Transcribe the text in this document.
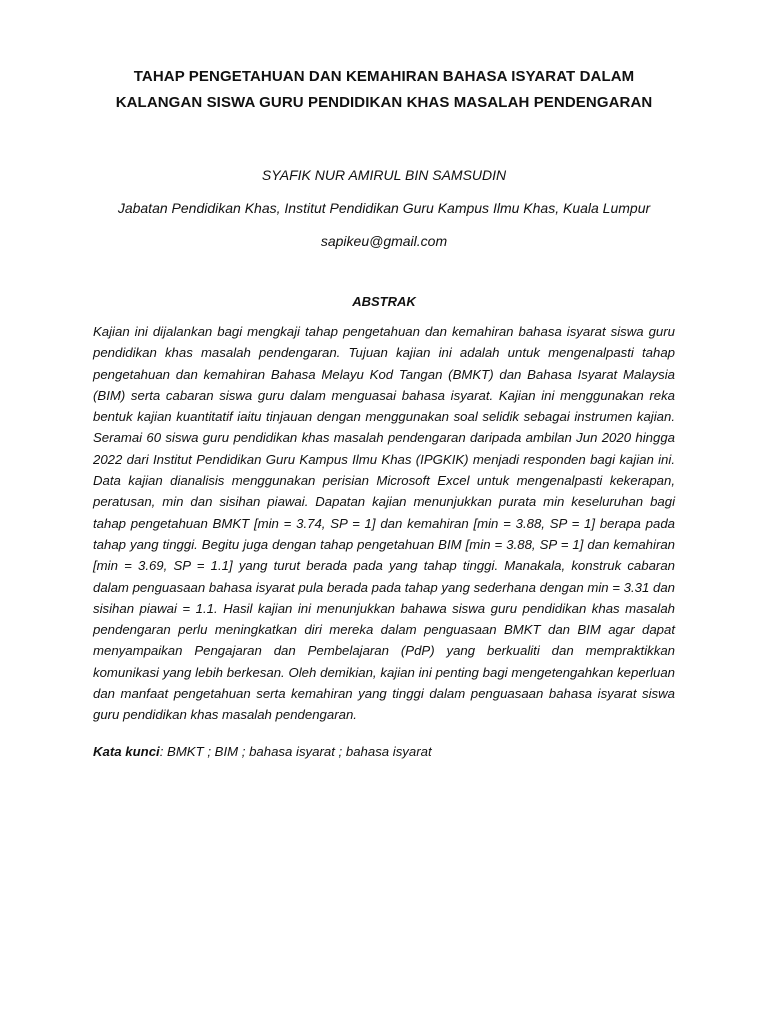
TAHAP PENGETAHUAN DAN KEMAHIRAN BAHASA ISYARAT DALAM
KALANGAN SISWA GURU PENDIDIKAN KHAS MASALAH PENDENGARAN
SYAFIK NUR AMIRUL BIN SAMSUDIN
Jabatan Pendidikan Khas, Institut Pendidikan Guru Kampus Ilmu Khas, Kuala Lumpur
sapikeu@gmail.com
ABSTRAK

Kajian ini dijalankan bagi mengkaji tahap pengetahuan dan kemahiran bahasa isyarat siswa guru pendidikan khas masalah pendengaran. Tujuan kajian ini adalah untuk mengenalpasti tahap pengetahuan dan kemahiran Bahasa Melayu Kod Tangan (BMKT) dan Bahasa Isyarat Malaysia (BIM) serta cabaran siswa guru dalam menguasai bahasa isyarat. Kajian ini menggunakan reka bentuk kajian kuantitatif iaitu tinjauan dengan menggunakan soal selidik sebagai instrumen kajian. Seramai 60 siswa guru pendidikan khas masalah pendengaran daripada ambilan Jun 2020 hingga 2022 dari Institut Pendidikan Guru Kampus Ilmu Khas (IPGKIK) menjadi responden bagi kajian ini. Data kajian dianalisis menggunakan perisian Microsoft Excel untuk mengenalpasti kekerapan, peratusan, min dan sisihan piawai. Dapatan kajian menunjukkan purata min keseluruhan bagi tahap pengetahuan BMKT [min = 3.74, SP = 1] dan kemahiran [min = 3.88, SP = 1] berapa pada tahap yang tinggi. Begitu juga dengan tahap pengetahuan BIM [min = 3.88, SP = 1] dan kemahiran [min = 3.69, SP = 1.1] yang turut berada pada yang tahap tinggi. Manakala, konstruk cabaran dalam penguasaan bahasa isyarat pula berada pada tahap yang sederhana dengan min = 3.31 dan sisihan piawai = 1.1. Hasil kajian ini menunjukkan bahawa siswa guru pendidikan khas masalah pendengaran perlu meningkatkan diri mereka dalam penguasaan BMKT dan BIM agar dapat menyampaikan Pengajaran dan Pembelajaran (PdP) yang berkualiti dan mempraktikkan komunikasi yang lebih berkesan. Oleh demikian, kajian ini penting bagi mengetengahkan keperluan dan manfaat pengetahuan serta kemahiran yang tinggi dalam penguasaan bahasa isyarat siswa guru pendidikan khas masalah pendengaran.

Kata kunci: BMKT ; BIM ; bahasa isyarat ; bahasa isyarat
